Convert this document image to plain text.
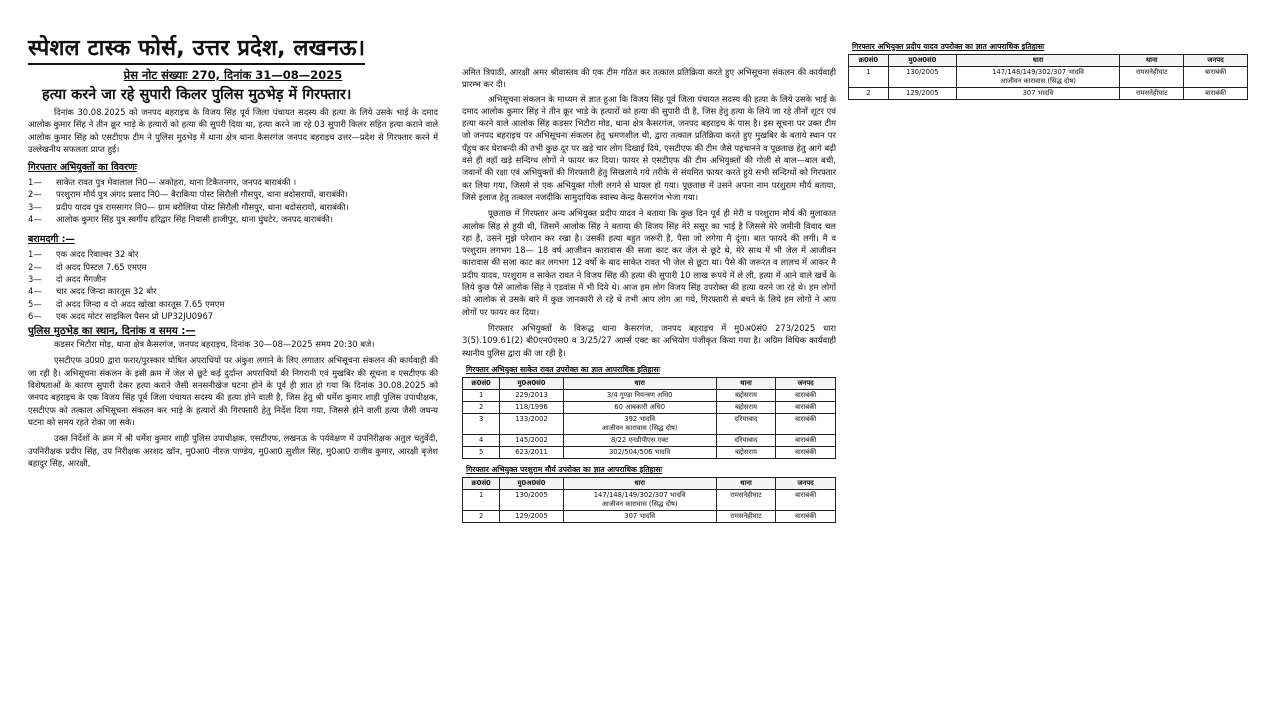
स्पेशल टास्क फोर्स, उत्तर प्रदेश, लखनऊ।
प्रेस नोट संख्याः 270, दिनांक 31—08—2025
हत्या करने जा रहे सुपारी किलर पुलिस मुठभेड़ में गिरफ्तार।

दिनांक 30.08.2025 को जनपद बहराइच के विजय सिंह पूर्व जिला पंचायत सदस्य की हत्या के लिये उसके भाई के दमाद आलोक कुमार सिंह ने तीन क्रूर भाड़े के हत्यारों को हत्या की सुपरी दिया था, हत्या करने जा रहे 03 सुपारी किलर सहित हत्या कराने वाले आलोक कुमार सिंह को एसटीएफ टीम ने पुलिस मुठभेड़ में थाना क्षेत्र थाना कैसरगंज जनपद बहराइच उत्तर—प्रदेश से गिरफ्तार करने में उल्लेखनीय सफलता प्राप्त हुई।

गिरफ्तार अभियुक्तों का विवरणः
1—	साकेत रावत पुत्र मेवालाल नि0— अकोहरा, थाना टिकैतनगर, जनपद बाराबंकी ।
2—	परशुराम मौर्य पुत्र अंगद प्रसाद नि0— बैराकिया पोस्ट सिरौली गौसपुर, थाना बदोसरायों, बाराबंकी।
3—	प्रदीप यादव पुत्र रामसागर नि0— ग्राम बरौलिया पोस्ट सिरौली गौसपुर, थाना बदोसरायों, बाराबंकी।
4—	आलोक कुमार सिंह पुत्र स्वर्गीय हरिद्वार सिंह निवासी हाजीपुर, थाना घुंघटेर, जनपद बाराबंकी।
बरामदगी :—
1—	एक अदद रिवाल्वर 32 बोर
2—	दो अदद पिस्टल 7.65 एमएम
3—	दो अदद मैगजीन
4—	चार अदद जिन्दा कारतूस 32 बोर
5—	दो अदद जिन्दा व दो अदद खोखा कारतूस 7.65 एमएम
6—	एक अदद मोटर साइकिल पैसन प्रो UP32JU0967
पुलिस मुठभेड़ का स्थान, दिनांक व समय :—
कडसर भिटौरा मोड़, थाना क्षेत्र कैसरगंज, जनपद बहराइच, दिनांक 30—08—2025 समय 20:30 बजे।

एसटीएफ उ0प्र0 द्वारा फरार/पुरस्कार घोषित अपराधियों पर अंकुश लगाने के लिए लगातार अभिसूचना संकलन की कार्यवाही की जा रही है। अभिसूचना संकलन के इसी क्रम में जेल से छूटे कई दुर्दान्त अपराधियों की निगरानी एवं मुखबिर की सूचना व एसटीएफ की विशेषताओं के कारण सुपारी देकर हत्या कराने जैसी सनसनीखेज घटना होने के पूर्व ही ज्ञात हो गया कि दिनांक 30.08.2025 को जनपद बहराइच के एक विजय सिंह पूर्व जिला पंचायत सदस्य की हत्या होने वाली है, जिस हेतु श्री धर्मेश कुमार शाही पुलिस उपाधीक्षक, एसटीएफ को तत्काल अभिसूचना संकलन कर भाड़े के हत्यारों की गिरफ्तारी हेतु निर्देश दिया गया, जिससे होने वाली हत्या जैसी जघन्य घटना को समय रहते रोका जा सके।

उक्त निर्देशों के क्रम में श्री धर्मेश कुमार शाही पुलिस उपाधीक्षक, एसटीएफ, लखनऊ के पर्यवेक्षण में उपनिरीक्षक अतुल चतुर्वेदी, उपनिरीक्षक प्रदीप सिंह, उप निरीक्षक अरशद खॉन, मु0आ0 नीरज पाण्डेय, मु0आ0 सुशील सिंह, मु0आ0 राजीव कुमार, आरक्षी बृजेश बहादुर सिंह, आरक्षी,

अमित त्रिपाठी, आरक्षी अमर श्रीवास्तव की एक टीम गठित कर तत्काल प्रतिक्रिया करते हुए अभिसूचना संकलन की कार्यवाही प्रारम्भ कर दी।

अभिसूचना संकलन के माध्यम से ज्ञात हुआ कि विजय सिंह पूर्व जिला पंचायत सदस्य की हत्या के लिये उसके भाई के दमाद आलोक कुमार सिंह ने तीन क्रूर भाड़े के हत्यारों को हत्या की सुपारी दी है, जिस हेतु हत्या के लिये जा रहे तीनों शूटर एवं हत्या करने वाले आलोक सिंह कडसर भिटौरा मोड, थाना क्षेत्र कैसरगंज, जनपद बहराइच के पास है। इस सूचना पर उक्त टीम जो जनपद बहराइच पर अभिसूचना संकलन हेतु भ्रमणशील थी, द्वारा तत्काल प्रतिक्रिया करते हुए मुखबिर के बताये स्थान पर पँहुच कर घेराबन्दी की तभी कुछ दूर पर खड़े चार लोग दिखाई दिये, एसटीएफ की टीम जैसे पहचानने व पूछताछ हेतु आगे बढ़ी वसे ही वहॉ खड़े सन्दिग्ध लोगों ने फायर कर दिया। फायर से एसटीएफ की टीम अभियुक्तों की गोली से बाल—बाल बची, जवानों की रक्षा एवं अभियुक्तों की गिरफ्तारी हेतु सिखलाये गये तरीके से संयमित फायर करते हुये सभी सन्दिग्धों को गिरफ्तार कर लिया गया, जिसमे से एक अभियुक्त गोली लगने से घायल हो गया। पूछताछ में उसने अपना नाम परशुराम मौर्य बताया, जिसे इलाज हेतु तत्काल नजदीकि सामुदायिक स्वास्थ केन्द्र कैसरगंज भेजा गया।

पूछताछ में गिरफ्तार अन्य अभियुक्त प्रदीप यादव ने बताया कि कुछ दिन पूर्व ही मेरी व परशुराम मौर्य की मुलाकात आलोक सिंह से हुयी थी, जिसमें आलोक सिंह ने बताया की विजय सिंह मेरे ससुर का भाई है जिससे मेरे जमीनी विवाद चल रहा है, उसने मुझे परेशान कर रखा है। उसकी हत्या बहुत जरूरी है, पैसा जो लगेगा मै दूंगा। बात फायदे की लगी। मै व परशुराम लगभग 18— 18 वर्ष आजीवन कारावास की सजा काट कर जेल से छूटे थे, मेरे साथ में भी जेल में आजीवन कारावास की सजा काट कर लगभग 12 वर्षो के बाद साकेत रावत भी जेल से छूटा था। पैसे की जरूरत व लालच में आकर मै प्रदीप यादव, परशुराम व साकेत रावत ने विजय सिंह की हत्या की सुपारी 10 लाख रूपये में ले ली, हत्या में आने वाले खर्चे के लिये कुछ पैसे आलोक सिंह ने एडवांस में भी दिये थे। आज हम लोग विजय सिंह उपरोक्त की हत्या करने जा रहे थे। हम लोगों को आलोक से उसके बारे में कुछ जानकारी ले रहे थे तभी आप लोग आ गये, गिरफ्तारी से बचने के लिये हम लोगों ने आप लोगों पर फायर कर दिया।

गिरफ्तार अभियुक्तों के विरूद्ध थाना कैसरगंज, जनपद बहराइच में मु0अ0सं0 273/2025 धारा 3(5).109.61(2) बी0एन0एस0 व 3/25/27 आर्म्स एक्ट का अभियोग पंजीकृत किया गया है। अग्रिम विधिक कार्यवाही स्थानीय पुलिस द्वारा की जा रही है।

गिरफ्तार अभियुक्त साकेत रावत उपरोक्त का ज्ञात आपराधिक इतिहासः
क्र0सं0	मु0अ0सं0	धारा	थाना	जनपद
1	229/2013	3/4 गुण्डा नियन्त्रण अधि0	बद्दोसराय	बाराबंकी
2	118/1996	60 आबकारी अधि0	बद्दोसराय	बाराबंकी
3	133/2002	392 भादवि
आजीवन कारावास (सिद्ध दोष)	दरियाबाद	बाराबंकी
4	145/2002	8/22 एनडीपीएस एक्ट	दरियाबाद	बाराबंकी
5	623/2011	302/504/506 भादवि	बद्दोसराय	बाराबंकी
गिरफ्तार अभियुक्त परशुराम मौर्य उपरोक्त का ज्ञात आपराधिक इतिहासः
क्र0सं0	मु0अ0सं0	धारा	थाना	जनपद
1	130/2005	147/148/149/302/307 भादवि
आजीवन कारावास (सिद्ध दोष)	रामसनेहीघाट	बाराबंकी
2	129/2005	307 भादवि	रामसनेहीघाट	बाराबंकी
गिरफ्तार अभियुक्त प्रदीप यादव उपरोक्त का ज्ञात आपराधिक इतिहासः
क्र0सं0	मु0अ0सं0	धारा	थाना	जनपद
1	130/2005	147/148/149/302/307 भादवि
आजीवन कारावास (सिद्ध दोष)	रामसनेहीघाट	बाराबंकी
2	129/2005	307 भादवि	रामसनेहीघाट	बाराबंकी
